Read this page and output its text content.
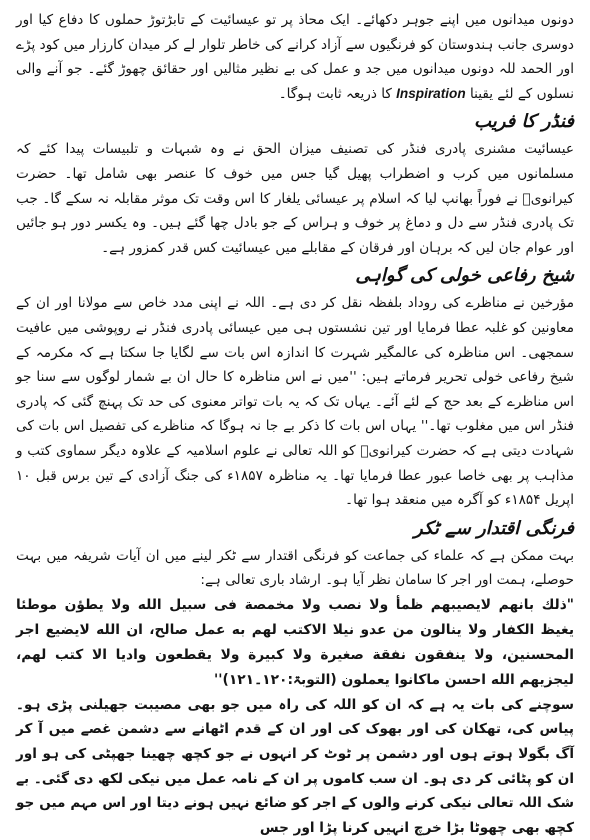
دونوں میدانوں میں اپنے جوہر دکھائے۔ ایک محاذ پر تو عیسائیت کے تابڑتوڑ حملوں کا دفاع کیا اور دوسری جانب ہندوستان کو فرنگیوں سے آزاد کرانے کی خاطر تلوار لے کر میدان کارزار میں کود پڑے اور الحمد للہ دونوں میدانوں میں جد و عمل کی بے نظیر مثالیں اور حقائق چھوڑ گئے۔ جو آنے والی نسلوں کے لئے یقینا Inspiration کا ذریعہ ثابت ہوگا۔

فنڈر کا فریب

عیسائیت مشنری پادری فنڈر کی تصنیف میزان الحق نے وہ شبہات و تلبیسات پیدا کئے کہ مسلمانوں میں کرب و اضطراب پھیل گیا جس میں خوف کا عنصر بھی شامل تھا۔ حضرت کیرانویؒ نے فوراً بھانپ لیا کہ اسلام پر عیسائی یلغار کا اس وقت تک موثر مقابلہ نہ سکے گا۔ جب تک پادری فنڈر سے دل و دماغ پر خوف و ہراس کے جو بادل چھا گئے ہیں۔ وہ یکسر دور ہو جائیں اور عوام جان لیں کہ برہان اور فرقان کے مقابلے میں عیسائیت کس قدر کمزور ہے۔

شیخ رفاعی خولی کی گواہی

مؤرخین نے مناظرے کی روداد بلفظہ نقل کر دی ہے۔ اللہ نے اپنی مدد خاص سے مولانا اور ان کے معاونین کو غلبہ عطا فرمایا اور تین نشستوں ہی میں عیسائی پادری فنڈر نے روپوشی میں عافیت سمجھی۔ اس مناظرہ کی عالمگیر شہرت کا اندازہ اس بات سے لگایا جا سکتا ہے کہ مکرمہ کے شیخ رفاعی خولی تحریر فرماتے ہیں: ''میں نے اس مناظرہ کا حال ان بے شمار لوگوں سے سنا جو اس مناظرے کے بعد حج کے لئے آئے۔ یہاں تک کہ یہ بات تواتر معنوی کی حد تک پہنچ گئی کہ پادری فنڈر اس میں مغلوب تھا۔'' یہاں اس بات کا ذکر بے جا نہ ہوگا کہ مناظرے کی تفصیل اس بات کی شہادت دیتی ہے کہ حضرت کیرانویؒ کو اللہ تعالی نے علوم اسلامیہ کے علاوہ دیگر سماوی کتب و مذاہب پر بھی خاصا عبور عطا فرمایا تھا۔ یہ مناظرہ ۱۸۵۷ء کی جنگ آزادی کے تین برس قبل ۱۰ اپریل ۱۸۵۴ء کو آگرہ میں منعقد ہوا تھا۔

فرنگی اقتدار سے ٹکر

بہت ممکن ہے کہ علماء کی جماعت کو فرنگی اقتدار سے ٹکر لینے میں ان آیات شریفہ میں بہت حوصلے، ہمت اور اجر کا سامان نظر آیا ہو۔ ارشاد باری تعالی ہے:

"ذلك بانهم لايصيبهم ظمأ ولا نصب ولا مخمصة فى سبيل الله ولا يطؤن موطئا يغيظ الكفار ولا ينالون من عدو نيلا الاكتب لهم به عمل صالح، ان الله لايضيع اجر المحسنين، ولا ينفقون نفقة صغيرة ولا كبيرة ولا يقطعون واديا الا كتب لهم، ليجزيهم الله احسن ماكانوا يعملون (التوبۃ:۱۲۰۔۱۲۱)''

سوچنے کی بات یہ ہے کہ ان کو اللہ کی راہ میں جو بھی مصیبت جھیلنی پڑی ہو۔ پیاس کی، تھکان کی اور بھوک کی اور ان کے قدم اٹھانے سے دشمن غصے میں آ کر آگ بگولا ہوتے ہوں اور دشمن پر ٹوٹ کر انہوں نے جو کچھ چھینا جھپٹی کی ہو اور ان کو پٹائی کر دی ہو۔ ان سب کاموں پر ان کے نامہ عمل میں نیکی لکھ دی گئی۔ بے شک اللہ تعالی نیکی کرنے والوں کے اجر کو ضائع نہیں ہونے دیتا اور اس مہم میں جو کچھ بھی چھوٹا بڑا خرچ انہیں کرنا پڑا اور جس
